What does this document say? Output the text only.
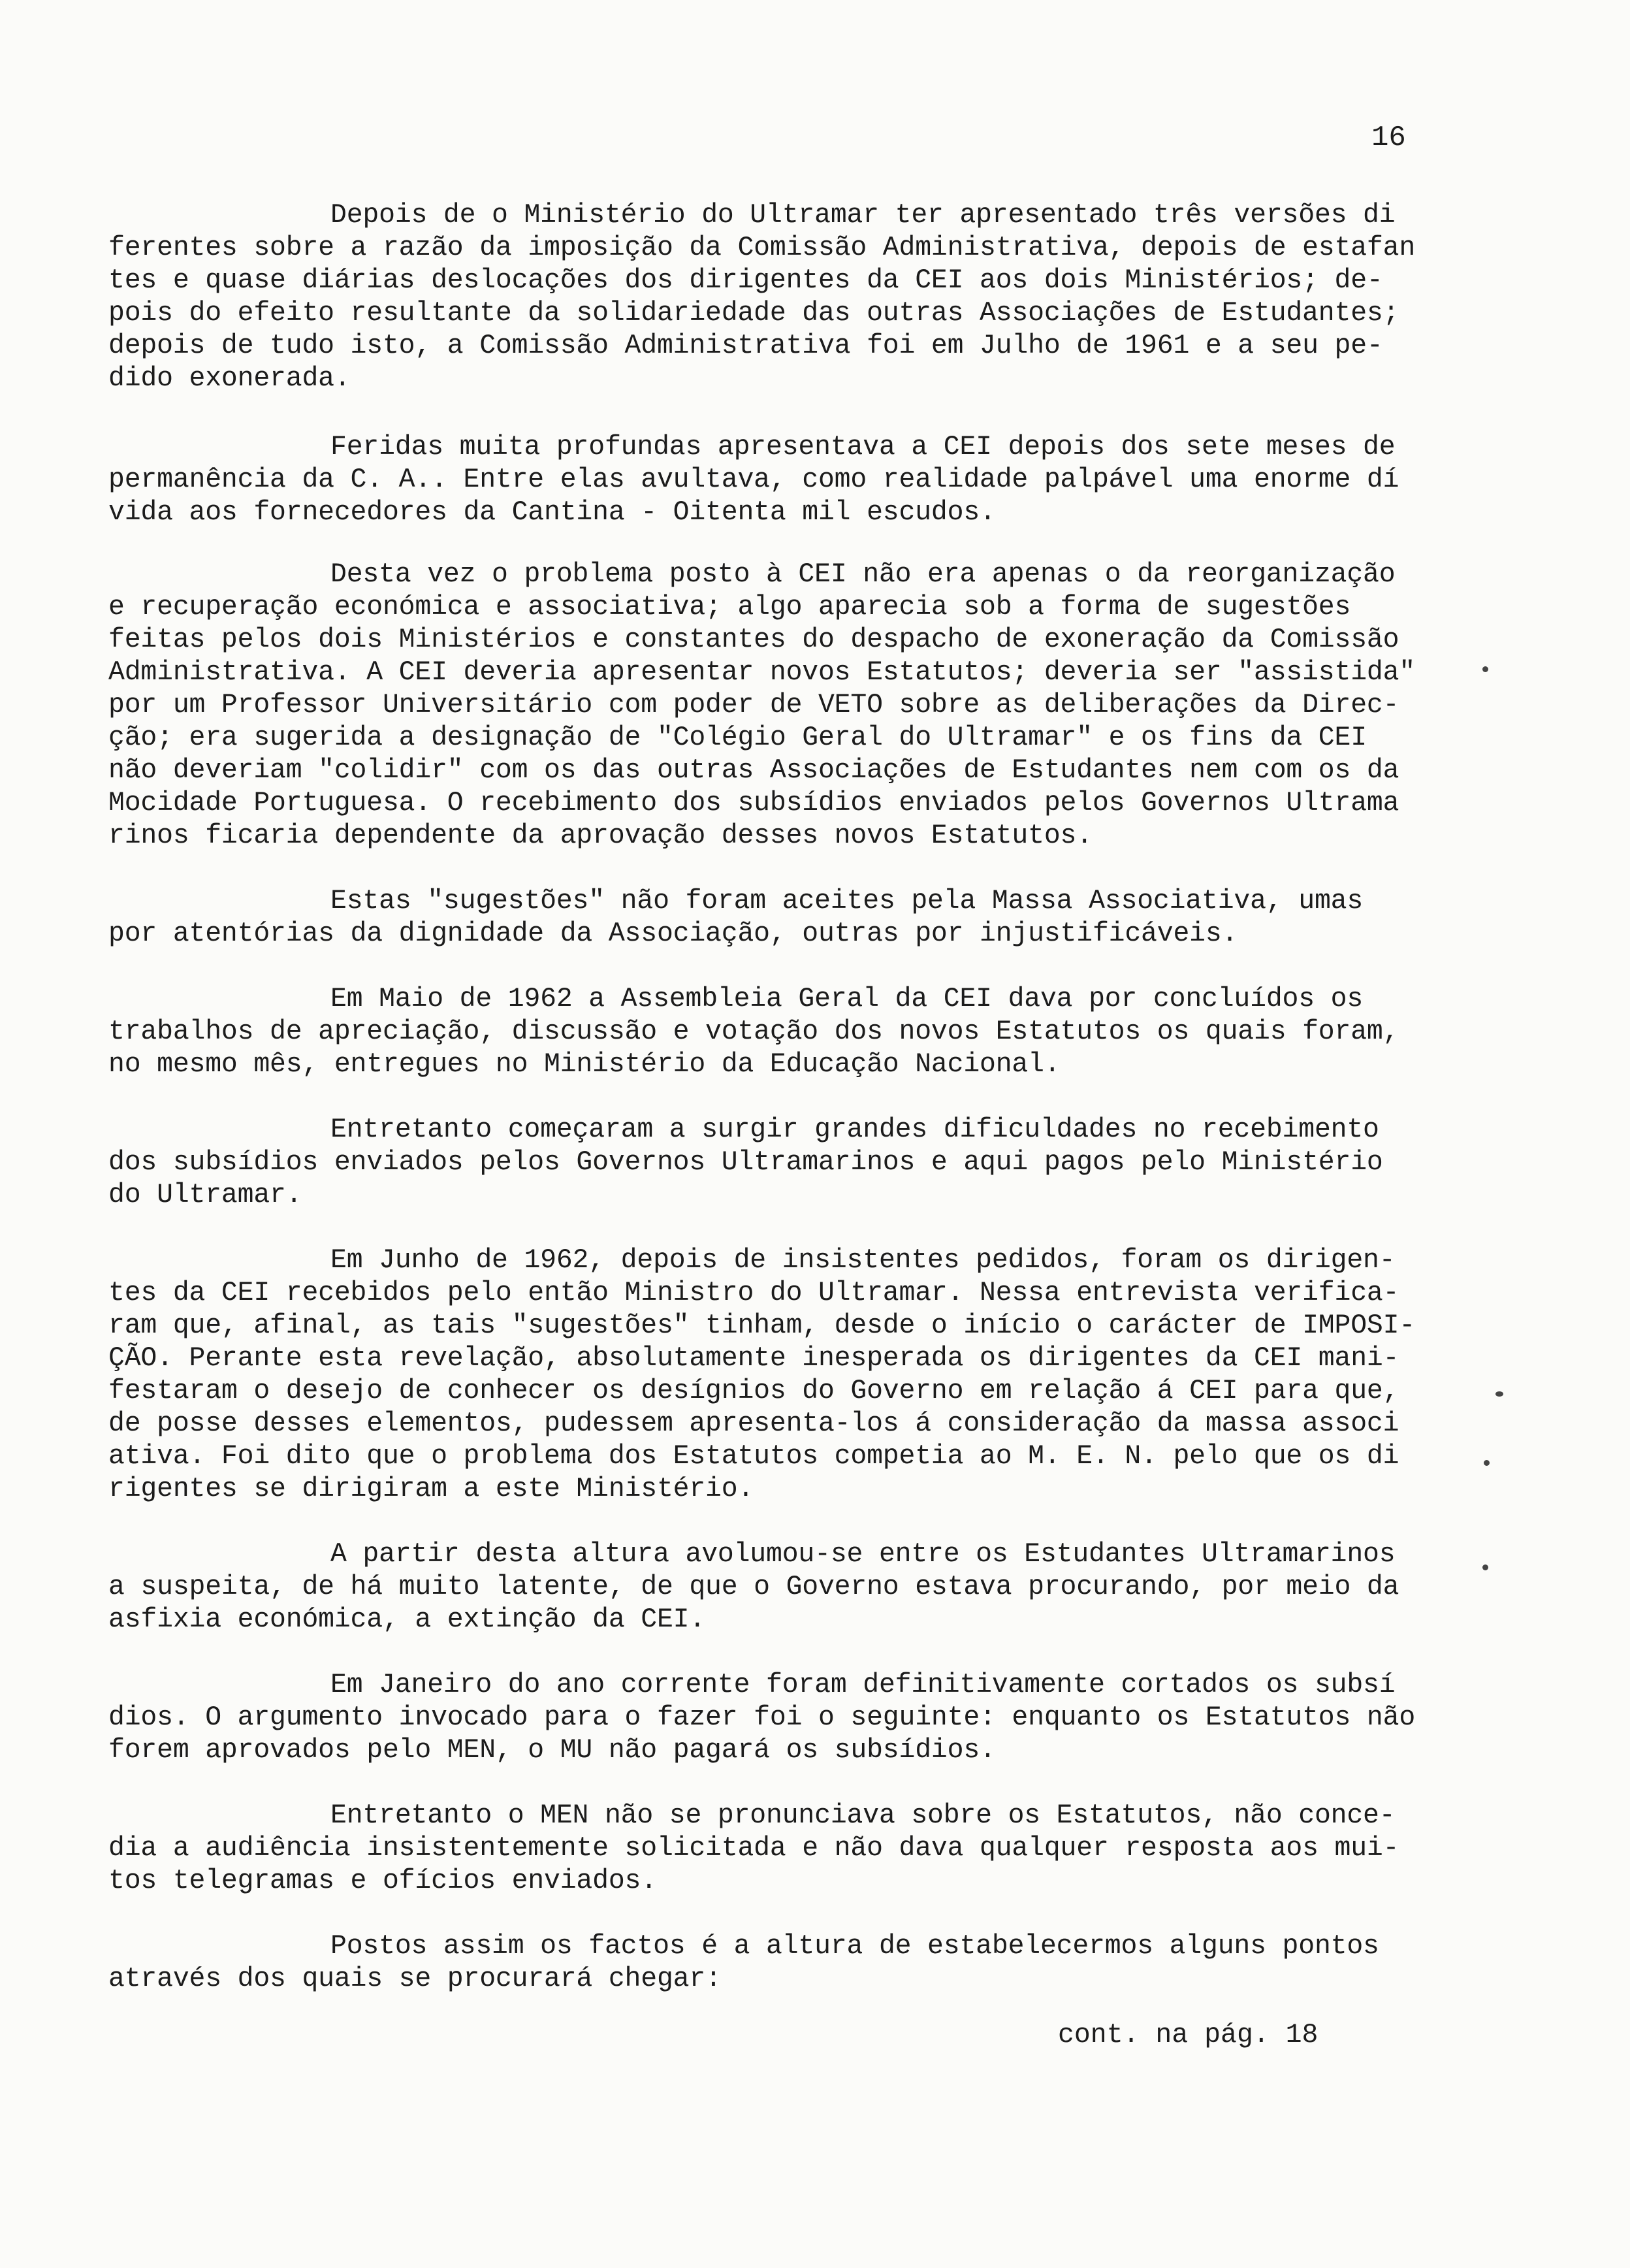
16
Depois de o Ministério do Ultramar ter apresentado três versões di
ferentes sobre a razão da imposição da Comissão Administrativa, depois de estafan
tes e quase diárias deslocações dos dirigentes da CEI aos dois Ministérios; de-
pois do efeito resultante da solidariedade das outras Associações de Estudantes;
depois de tudo isto, a Comissão Administrativa foi em Julho de 1961 e a seu pe-
dido exonerada.
Feridas muita profundas apresentava a CEI depois dos sete meses de
permanência da C. A.. Entre elas avultava, como realidade palpável uma enorme dí
vida aos fornecedores da Cantina - Oitenta mil escudos.
Desta vez o problema posto à CEI não era apenas o da reorganização
e recuperação económica e associativa; algo aparecia sob a forma de sugestões
feitas pelos dois Ministérios e constantes do despacho de exoneração da Comissão
Administrativa. A CEI deveria apresentar novos Estatutos; deveria ser "assistida"
por um Professor Universitário com poder de VETO sobre as deliberações da Direc-
ção; era sugerida a designação de "Colégio Geral do Ultramar" e os fins da CEI
não deveriam "colidir" com os das outras Associações de Estudantes nem com os da
Mocidade Portuguesa. O recebimento dos subsídios enviados pelos Governos Ultrama
rinos ficaria dependente da aprovação desses novos Estatutos.
Estas "sugestões" não foram aceites pela Massa Associativa, umas
por atentórias da dignidade da Associação, outras por injustificáveis.
Em Maio de 1962 a Assembleia Geral da CEI dava por concluídos os
trabalhos de apreciação, discussão e votação dos novos Estatutos os quais foram,
no mesmo mês, entregues no Ministério da Educação Nacional.
Entretanto começaram a surgir grandes dificuldades no recebimento
dos subsídios enviados pelos Governos Ultramarinos e aqui pagos pelo Ministério
do Ultramar.
Em Junho de 1962, depois de insistentes pedidos, foram os dirigen-
tes da CEI recebidos pelo então Ministro do Ultramar. Nessa entrevista verifica-
ram que, afinal, as tais "sugestões" tinham, desde o início o carácter de IMPOSI-
ÇÃO. Perante esta revelação, absolutamente inesperada os dirigentes da CEI mani-
festaram o desejo de conhecer os desígnios do Governo em relação á CEI para que,
de posse desses elementos, pudessem apresenta-los á consideração da massa associ
ativa. Foi dito que o problema dos Estatutos competia ao M. E. N. pelo que os di
rigentes se dirigiram a este Ministério.
A partir desta altura avolumou-se entre os Estudantes Ultramarinos
a suspeita, de há muito latente, de que o Governo estava procurando, por meio da
asfixia económica, a extinção da CEI.
Em Janeiro do ano corrente foram definitivamente cortados os subsí
dios. O argumento invocado para o fazer foi o seguinte: enquanto os Estatutos não
forem aprovados pelo MEN, o MU não pagará os subsídios.
Entretanto o MEN não se pronunciava sobre os Estatutos, não conce-
dia a audiência insistentemente solicitada e não dava qualquer resposta aos mui-
tos telegramas e ofícios enviados.
Postos assim os factos é a altura de estabelecermos alguns pontos
através dos quais se procurará chegar:
cont. na pág. 18
